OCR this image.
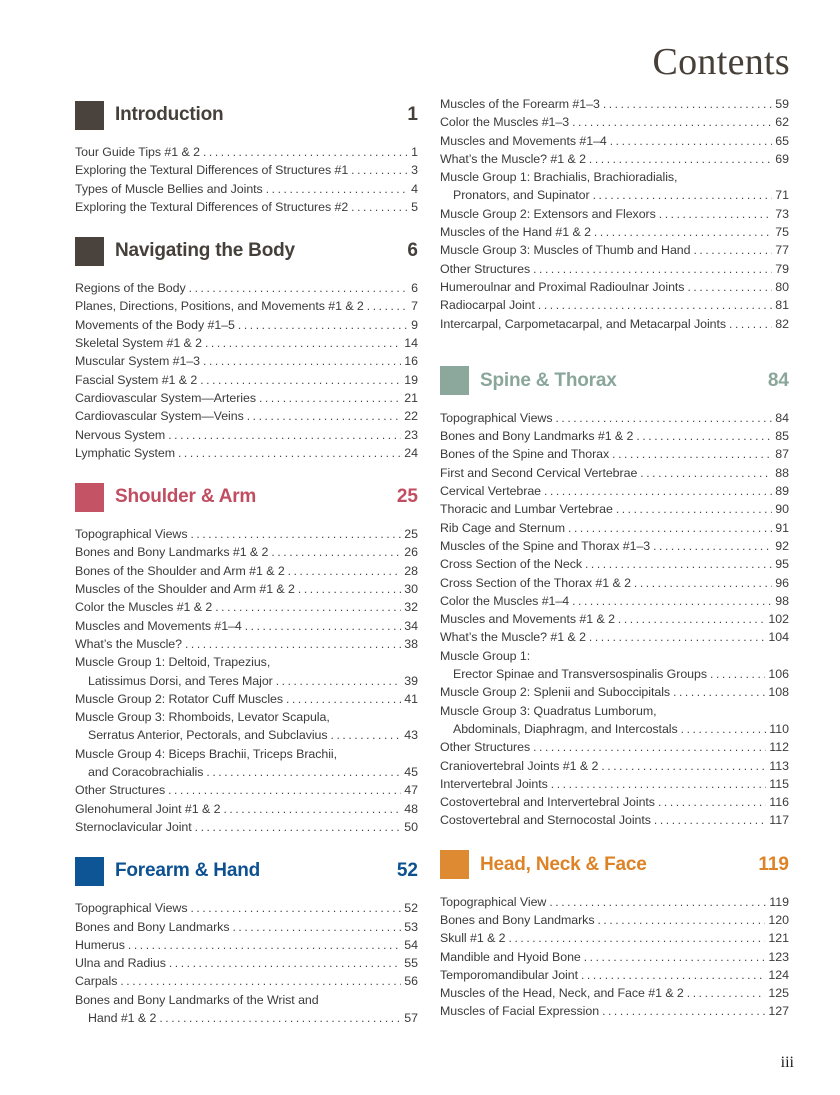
Contents
Introduction	1
Tour Guide Tips #1 & 2 .....	1
Exploring the Textural Differences of Structures #1 .....	3
Types of Muscle Bellies and Joints .....	4
Exploring the Textural Differences of Structures #2 .....	5
Navigating the Body	6
Regions of the Body .....	6
Planes, Directions, Positions, and Movements #1 & 2 .....	7
Movements of the Body #1–5 .....	9
Skeletal System #1 & 2 .....	14
Muscular System #1–3 .....	16
Fascial System #1 & 2 .....	19
Cardiovascular System—Arteries .....	21
Cardiovascular System—Veins .....	22
Nervous System .....	23
Lymphatic System .....	24
Shoulder & Arm	25
Topographical Views .....	25
Bones and Bony Landmarks #1 & 2 .....	26
Bones of the Shoulder and Arm #1 & 2 .....	28
Muscles of the Shoulder and Arm #1 & 2 .....	30
Color the Muscles #1 & 2 .....	32
Muscles and Movements #1–4 .....	34
What’s the Muscle? .....	38
Muscle Group 1: Deltoid, Trapezius,
Latissimus Dorsi, and Teres Major .....	39
Muscle Group 2: Rotator Cuff Muscles .....	41
Muscle Group 3: Rhomboids, Levator Scapula,
Serratus Anterior, Pectorals, and Subclavius .....	43
Muscle Group 4: Biceps Brachii, Triceps Brachii,
and Coracobrachialis .....	45
Other Structures .....	47
Glenohumeral Joint #1 & 2 .....	48
Sternoclavicular Joint .....	50
Forearm & Hand	52
Topographical Views .....	52
Bones and Bony Landmarks .....	53
Humerus .....	54
Ulna and Radius .....	55
Carpals .....	56
Bones and Bony Landmarks of the Wrist and
Hand #1 & 2 .....	57
Muscles of the Forearm #1–3 .....	59
Color the Muscles #1–3 .....	62
Muscles and Movements #1–4 .....	65
What’s the Muscle? #1 & 2 .....	69
Muscle Group 1: Brachialis, Brachioradialis,
Pronators, and Supinator .....	71
Muscle Group 2: Extensors and Flexors .....	73
Muscles of the Hand #1 & 2 .....	75
Muscle Group 3: Muscles of Thumb and Hand .....	77
Other Structures .....	79
Humeroulnar and Proximal Radioulnar Joints .....	80
Radiocarpal Joint .....	81
Intercarpal, Carpometacarpal, and Metacarpal Joints .....	82
Spine & Thorax	84
Topographical Views .....	84
Bones and Bony Landmarks #1 & 2 .....	85
Bones of the Spine and Thorax .....	87
First and Second Cervical Vertebrae .....	88
Cervical Vertebrae .....	89
Thoracic and Lumbar Vertebrae .....	90
Rib Cage and Sternum .....	91
Muscles of the Spine and Thorax #1–3 .....	92
Cross Section of the Neck .....	95
Cross Section of the Thorax #1 & 2 .....	96
Color the Muscles #1–4 .....	98
Muscles and Movements #1 & 2 .....	102
What’s the Muscle? #1 & 2 .....	104
Muscle Group 1:
Erector Spinae and Transversospinalis Groups .....	106
Muscle Group 2: Splenii and Suboccipitals .....	108
Muscle Group 3: Quadratus Lumborum,
Abdominals, Diaphragm, and Intercostals .....	110
Other Structures .....	112
Craniovertebral Joints #1 & 2 .....	113
Intervertebral Joints .....	115
Costovertebral and Intervertebral Joints .....	116
Costovertebral and Sternocostal Joints .....	117
Head, Neck & Face	119
Topographical View .....	119
Bones and Bony Landmarks .....	120
Skull #1 & 2 .....	121
Mandible and Hyoid Bone .....	123
Temporomandibular Joint .....	124
Muscles of the Head, Neck, and Face #1 & 2 .....	125
Muscles of Facial Expression .....	127
iii
